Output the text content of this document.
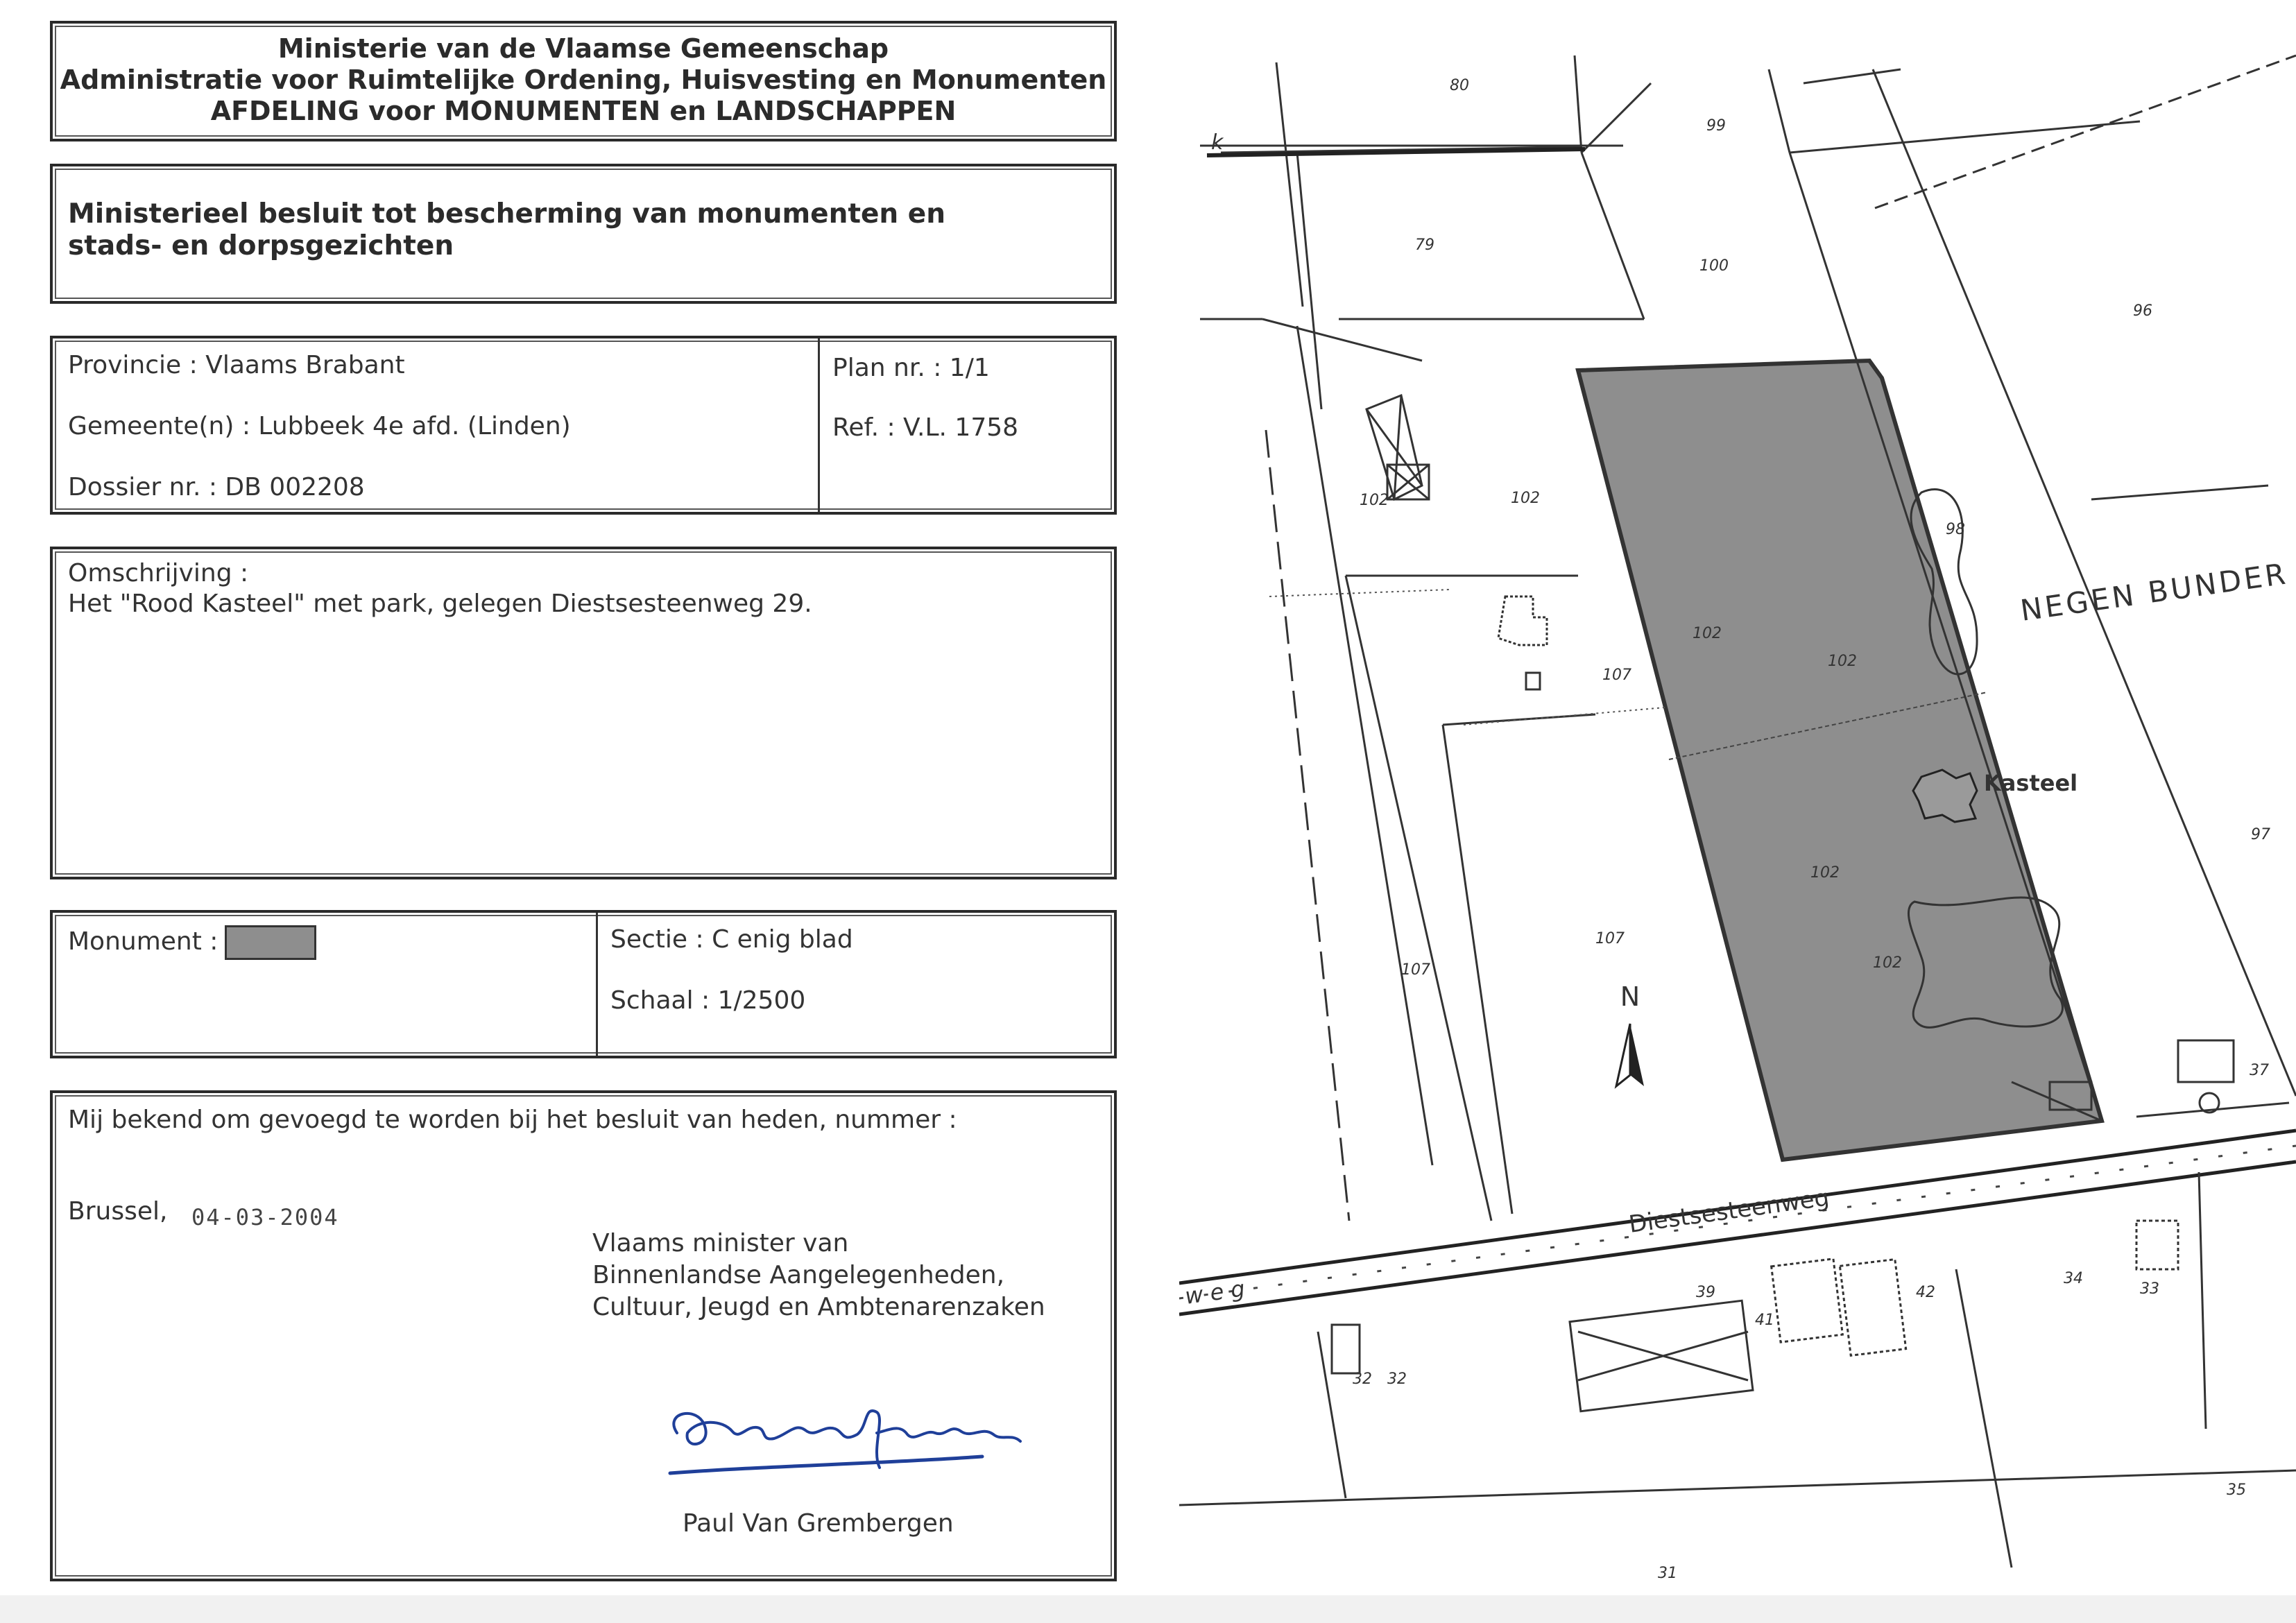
Ministerie van de Vlaamse Gemeenschap
Administratie voor Ruimtelijke Ordening, Huisvesting en Monumenten
AFDELING voor MONUMENTEN en LANDSCHAPPEN
Ministerieel besluit tot bescherming van monumenten en stads- en dorpsgezichten
Provincie : Vlaams Brabant
Gemeente(n) : Lubbeek 4e afd. (Linden)
Dossier nr. : DB 002208
Plan nr. : 1/1
Ref. : V.L. 1758
Omschrijving :
Het "Rood Kasteel" met park, gelegen Diestsesteenweg 29.
Monument :	Sectie : C enig blad
Schaal : 1/2500
Mij bekend om gevoegd te worden bij het besluit van heden, nummer :
Brussel, 04-03-2004
Vlaams minister van
Binnenlandse Aangelegenheden,
Cultuur, Jeugd en Ambtenarenzaken
Paul Van Grembergen
N
Kasteel
NEGEN BUNDER
Diestsesteenweg
w e g
k
80
99
79
100
96
102	102
98
102
102
107
107
107
97
102
102
39
41
42
32 32
33
34
35
31
37
